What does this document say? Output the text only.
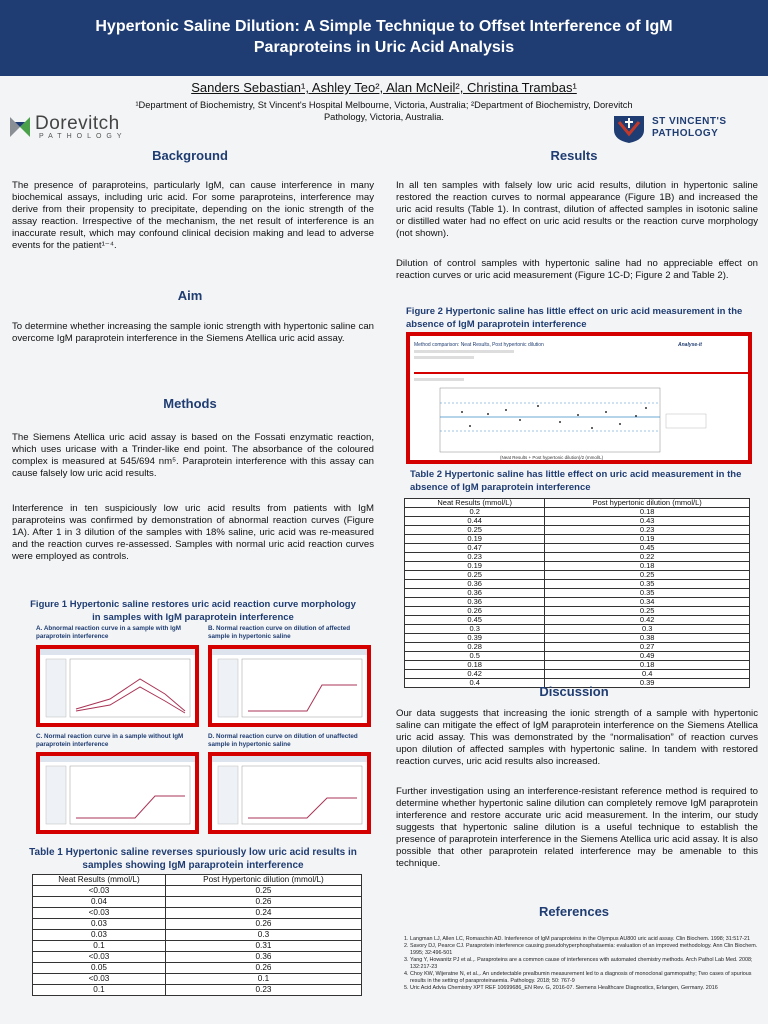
Hypertonic Saline Dilution: A Simple Technique to Offset Interference of IgM Paraproteins in Uric Acid Analysis
Sanders Sebastian¹, Ashley Teo², Alan McNeil², Christina Trambas¹
¹Department of Biochemistry, St Vincent's Hospital Melbourne, Victoria, Australia; ²Department of Biochemistry, Dorevitch Pathology, Victoria, Australia.
Dorevitch
PATHOLOGY
ST VINCENT'S
PATHOLOGY
Background
The presence of paraproteins, particularly IgM, can cause interference in many biochemical assays, including uric acid. For some paraproteins, interference may derive from their propensity to precipitate, depending on the ionic strength of the assay reaction. Irrespective of the mechanism, the net result of interference is an inaccurate result, which may confound clinical decision making and lead to adverse events for the patient¹⁻⁴.
Aim
To determine whether increasing the sample ionic strength with hypertonic saline can overcome IgM paraprotein interference in the Siemens Atellica uric acid assay.
Methods
The Siemens Atellica uric acid assay is based on the Fossati enzymatic reaction, which uses uricase with a Trinder-like end point. The absorbance of the coloured complex is measured at 545/694 nm⁵. Paraprotein interference with this assay can cause falsely low uric acid results.
Interference in ten suspiciously low uric acid results from patients with IgM paraproteins was confirmed by demonstration of abnormal reaction curves (Figure 1A). After 1 in 3 dilution of the samples with 18% saline, uric acid was re-measured and the reaction curves re-assessed. Samples with normal uric acid reaction curves were employed as controls.
Figure 1 Hypertonic saline restores uric acid reaction curve morphology in samples with IgM paraprotein interference
A. Abnormal reaction curve in a sample with IgM paraprotein interference
B. Normal reaction curve on dilution of affected sample in hypertonic saline
C. Normal reaction curve in a sample without IgM paraprotein interference
D. Normal reaction curve on dilution of unaffected sample in hypertonic saline
Table 1 Hypertonic saline reverses spuriously low uric acid results in samples showing IgM paraprotein interference
Neat Results (mmol/L)	Post Hypertonic dilution (mmol/L)
<0.03	0.25
0.04	0.26
<0.03	0.24
0.03	0.26
0.03	0.3
0.1	0.31
<0.03	0.36
0.05	0.26
<0.03	0.1
0.1	0.23
Results
In all ten samples with falsely low uric acid results, dilution in hypertonic saline restored the reaction curves to normal appearance (Figure 1B) and increased the uric acid results (Table 1). In contrast, dilution of affected samples in isotonic saline or distilled water had no effect on uric acid results or the reaction curve morphology (not shown).
Dilution of control samples with hypertonic saline had no appreciable effect on reaction curves or uric acid measurement (Figure 1C-D; Figure 2 and Table 2).
Figure 2 Hypertonic saline has little effect on uric acid measurement in the absence of IgM paraprotein interference
Method comparison: Neat Results, Post hypertonic dilution	Analyse-it
(Neat Results + Post hypertonic dilution)/2 (mmol/L)
Table 2 Hypertonic saline has little effect on uric acid measurement in the absence of IgM paraprotein interference
Neat Results (mmol/L)	Post hypertonic dilution (mmol/L)
0.2	0.18
0.44	0.43
0.25	0.23
0.19	0.19
0.47	0.45
0.23	0.22
0.19	0.18
0.25	0.25
0.36	0.35
0.36	0.35
0.36	0.34
0.26	0.25
0.45	0.42
0.3	0.3
0.39	0.38
0.28	0.27
0.5	0.49
0.18	0.18
0.42	0.4
0.4	0.39
Discussion
Our data suggests that increasing the ionic strength of a sample with hypertonic saline can mitigate the effect of IgM paraprotein interference on the Siemens Atellica uric acid assay. This was demonstrated by the “normalisation” of reaction curves upon dilution of affected samples with hypertonic saline. In tandem with restored reaction curves, uric acid results also increased.
Further investigation using an interference-resistant reference method is required to determine whether hypertonic saline dilution can completely remove IgM paraprotein interference and restore accurate uric acid measurement. In the interim, our study suggests that hypertonic saline dilution is a useful technique to establish the presence of paraprotein interference in the Siemens Atellica uric acid assay. It is also possible that other paraprotein related interference may be amenable to this technique.
References
1. Langman LJ, Allen LC, Romaschin AD. Interference of IgM paraproteins in the Olympus AU800 uric acid assay. Clin Biochem. 1998; 31:517-21
2. Savory DJ, Pearce CJ. Paraprotein interference causing pseudohyperphosphataemia: evaluation of an improved methodology. Ann Clin Biochem. 1995; 32:496-501
3. Yang Y, Howanitz PJ et al.,. Paraproteins are a common cause of interferences with automated chemistry methods. Arch Pathol Lab Med. 2008; 132:217-23
4. Choy KW, Wijeratne N, et al.,. An undetectable prealbumin measurement led to a diagnosis of monoclonal gammopathy; Two cases of spurious results in the setting of paraproteinaemia. Pathology. 2018; 50: 767-9
5. Uric Acid Advia Chemistry XPT REF 10699686_EN Rev. G, 2016-07. Siemens Healthcare Diagnostics, Erlangen, Germany. 2016
